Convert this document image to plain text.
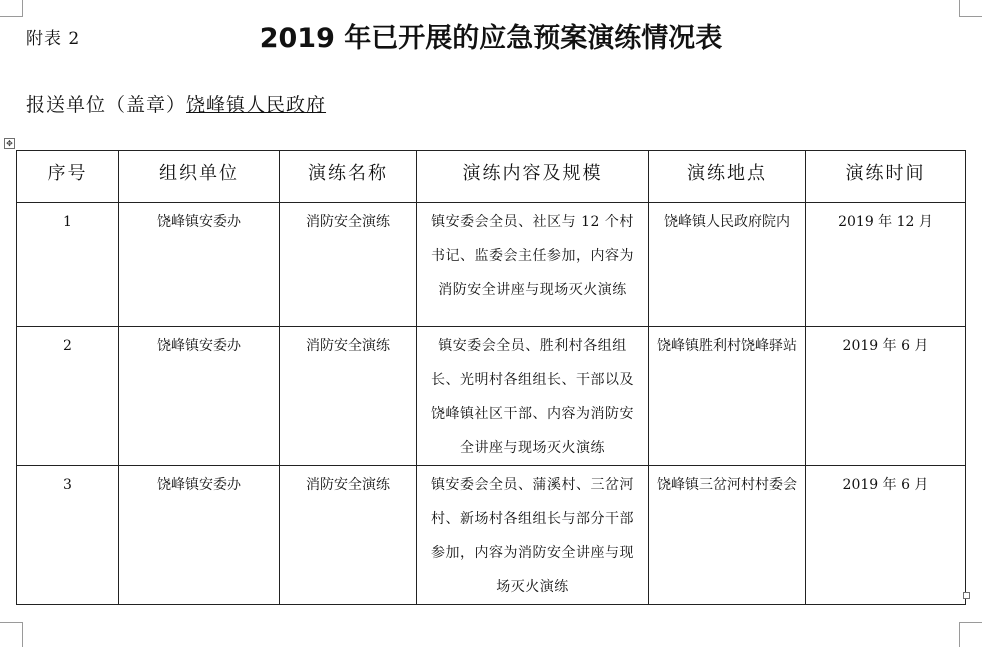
附表 2	2019 年已开展的应急预案演练情况表
报送单位（盖章）饶峰镇人民政府
✥
序号	组织单位	演练名称	演练内容及规模	演练地点	演练时间
1	饶峰镇安委办	消防安全演练	镇安委会全员、社区与 12 个村书记、监委会主任参加，内容为消防安全讲座与现场灭火演练	饶峰镇人民政府院内	2019 年 12 月
2	饶峰镇安委办	消防安全演练	镇安委会全员、胜利村各组组长、光明村各组组长、干部以及饶峰镇社区干部、内容为消防安全讲座与现场灭火演练	饶峰镇胜利村饶峰驿站	2019 年 6 月
3	饶峰镇安委办	消防安全演练	镇安委会全员、蒲溪村、三岔河村、新场村各组组长与部分干部参加，内容为消防安全讲座与现场灭火演练	饶峰镇三岔河村村委会	2019 年 6 月
